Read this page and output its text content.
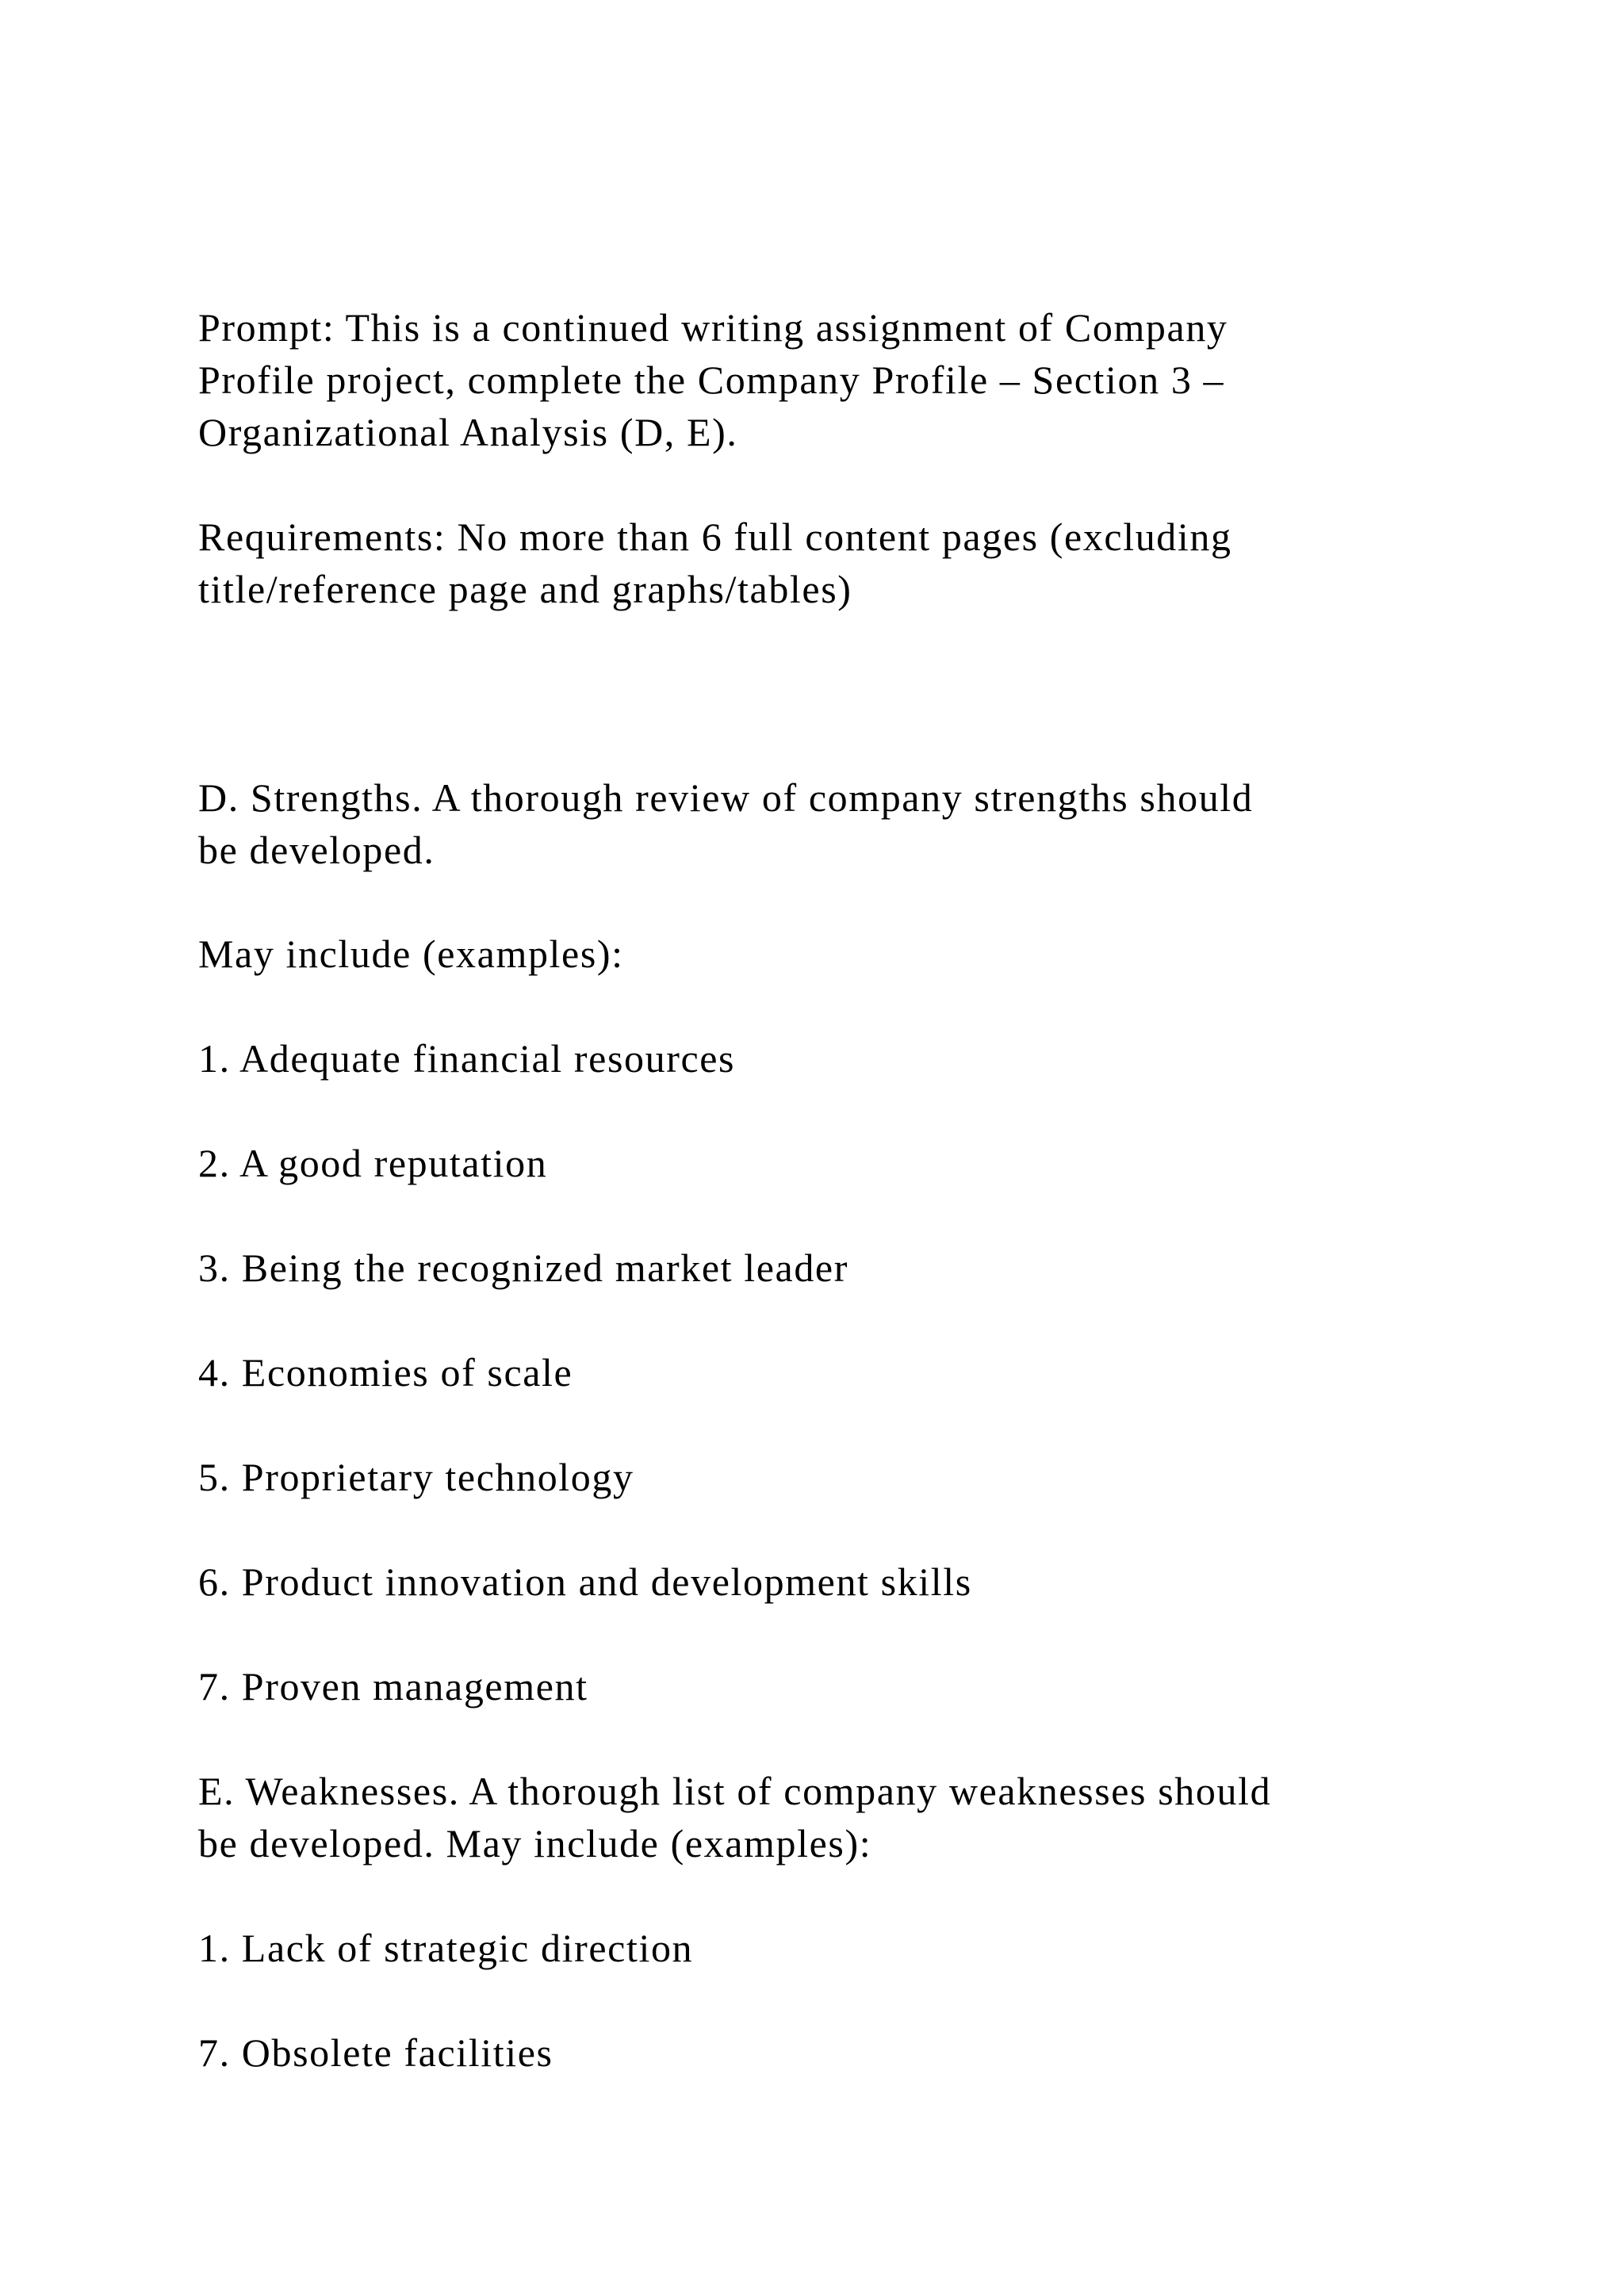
Prompt: This is a continued writing assignment of Company

Profile project, complete the Company Profile – Section 3 –

Organizational Analysis (D, E).

Requirements: No more than 6 full content pages (excluding

title/reference page and graphs/tables)

D. Strengths. A thorough review of company strengths should

be developed.

May include (examples):

1. Adequate financial resources

2. A good reputation

3. Being the recognized market leader

4. Economies of scale

5. Proprietary technology

6. Product innovation and development skills

7. Proven management

E. Weaknesses. A thorough list of company weaknesses should

be developed. May include (examples):

1. Lack of strategic direction

7. Obsolete facilities
